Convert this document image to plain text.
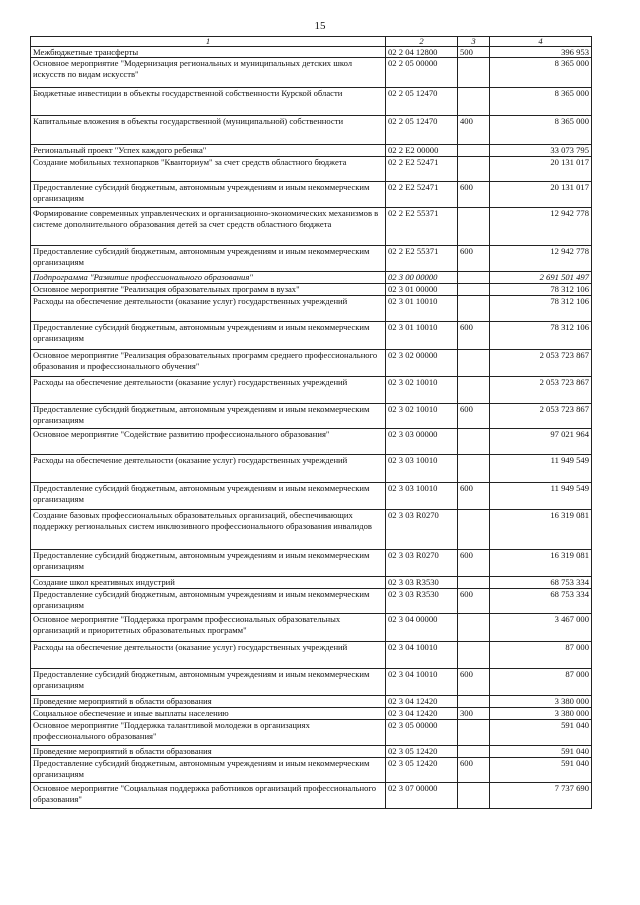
15
1	2	3	4
Межбюджетные трансферты	02 2 04 12800	500	396 953
Основное мероприятие "Модернизация региональных и муниципальных детских школ искусств по видам искусств"	02 2 05 00000		8 365 000
Бюджетные инвестиции в объекты государственной собственности Курской области	02 2 05 12470		8 365 000
Капитальные вложения в объекты государственной (муниципальной) собственности	02 2 05 12470	400	8 365 000
Региональный проект "Успех каждого ребенка"	02 2 E2 00000		33 073 795
Создание мобильных технопарков "Кванториум" за счет средств областного бюджета	02 2 E2 52471		20 131 017
Предоставление субсидий бюджетным, автономным учреждениям и иным некоммерческим организациям	02 2 E2 52471	600	20 131 017
Формирование современных управленческих и организационно-экономических механизмов в системе дополнительного образования детей за счет средств областного бюджета	02 2 E2 55371		12 942 778
Предоставление субсидий бюджетным, автономным учреждениям и иным некоммерческим организациям	02 2 E2 55371	600	12 942 778
Подпрограмма "Развитие профессионального образования"	02 3 00 00000		2 691 501 497
Основное мероприятие "Реализация образовательных программ в вузах"	02 3 01 00000		78 312 106
Расходы на обеспечение деятельности (оказание услуг) государственных учреждений	02 3 01 10010		78 312 106
Предоставление субсидий бюджетным, автономным учреждениям и иным некоммерческим организациям	02 3 01 10010	600	78 312 106
Основное мероприятие "Реализация образовательных программ среднего профессионального образования и профессионального обучения"	02 3 02 00000		2 053 723 867
Расходы на обеспечение деятельности (оказание услуг) государственных учреждений	02 3 02 10010		2 053 723 867
Предоставление субсидий бюджетным, автономным учреждениям и иным некоммерческим организациям	02 3 02 10010	600	2 053 723 867
Основное мероприятие "Содействие развитию профессионального образования"	02 3 03 00000		97 021 964
Расходы на обеспечение деятельности (оказание услуг) государственных учреждений	02 3 03 10010		11 949 549
Предоставление субсидий бюджетным, автономным учреждениям и иным некоммерческим организациям	02 3 03 10010	600	11 949 549
Создание базовых профессиональных образовательных организаций, обеспечивающих поддержку региональных систем инклюзивного профессионального образования инвалидов	02 3 03 R0270		16 319 081
Предоставление субсидий бюджетным, автономным учреждениям и иным некоммерческим организациям	02 3 03 R0270	600	16 319 081
Создание школ креативных индустрий	02 3 03 R3530		68 753 334
Предоставление субсидий бюджетным, автономным учреждениям и иным некоммерческим организациям	02 3 03 R3530	600	68 753 334
Основное мероприятие "Поддержка программ профессиональных образовательных организаций и приоритетных образовательных программ"	02 3 04 00000		3 467 000
Расходы на обеспечение деятельности (оказание услуг) государственных учреждений	02 3 04 10010		87 000
Предоставление субсидий бюджетным, автономным учреждениям и иным некоммерческим организациям	02 3 04 10010	600	87 000
Проведение мероприятий в области образования	02 3 04 12420		3 380 000
Социальное обеспечение и иные выплаты населению	02 3 04 12420	300	3 380 000
Основное мероприятие "Поддержка талантливой молодежи в организациях профессионального образования"	02 3 05 00000		591 040
Проведение мероприятий в области образования	02 3 05 12420		591 040
Предоставление субсидий бюджетным, автономным учреждениям и иным некоммерческим организациям	02 3 05 12420	600	591 040
Основное мероприятие "Социальная поддержка работников организаций профессионального образования"	02 3 07 00000		7 737 690
